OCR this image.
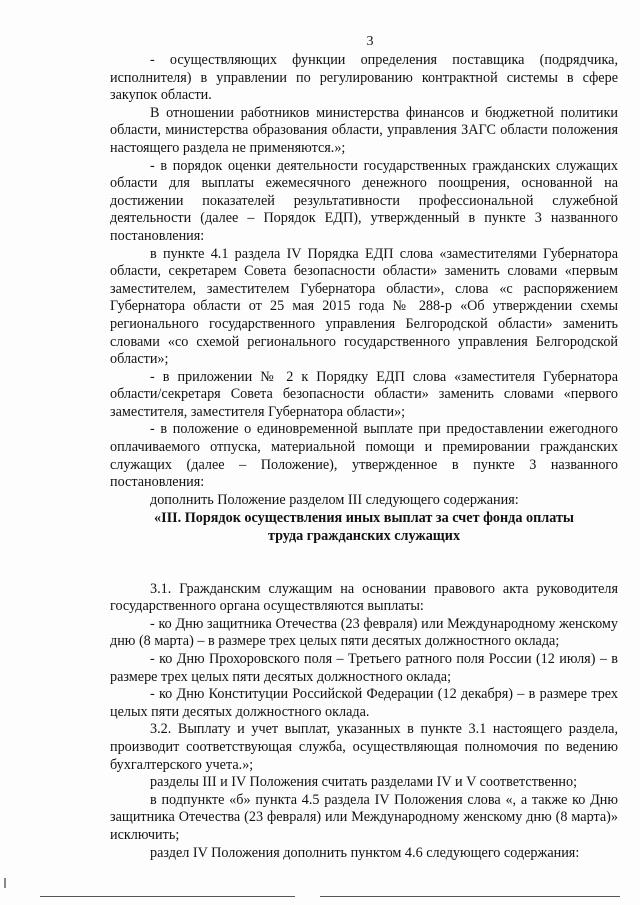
3

- осуществляющих функции определения поставщика (подрядчика, исполнителя) в управлении по регулированию контрактной системы в сфере закупок области.

В отношении работников министерства финансов и бюджетной политики области, министерства образования области, управления ЗАГС области положения настоящего раздела не применяются.»;

- в порядок оценки деятельности государственных гражданских служащих области для выплаты ежемесячного денежного поощрения, основанной на достижении показателей результативности профессиональной служебной деятельности (далее – Порядок ЕДП), утвержденный в пункте 3 названного постановления:

в пункте 4.1 раздела IV Порядка ЕДП слова «заместителями Губернатора области, секретарем Совета безопасности области» заменить словами «первым заместителем, заместителем Губернатора области», слова «с распоряжением Губернатора области от 25 мая 2015 года № 288-р «Об утверждении схемы регионального государственного управления Белгородской области» заменить словами «со схемой регионального государственного управления Белгородской области»;

- в приложении № 2 к Порядку ЕДП слова «заместителя Губернатора области/секретаря Совета безопасности области» заменить словами «первого заместителя, заместителя Губернатора области»;

- в положение о единовременной выплате при предоставлении ежегодного оплачиваемого отпуска, материальной помощи и премировании гражданских служащих (далее – Положение), утвержденное в пункте 3 названного постановления:

дополнить Положение разделом III следующего содержания:

«III. Порядок осуществления иных выплат за счет фонда оплаты труда гражданских служащих

3.1. Гражданским служащим на основании правового акта руководителя государственного органа осуществляются выплаты:

- ко Дню защитника Отечества (23 февраля) или Международному женскому дню (8 марта) – в размере трех целых пяти десятых должностного оклада;

- ко Дню Прохоровского поля – Третьего ратного поля России (12 июля) – в размере трех целых пяти десятых должностного оклада;

- ко Дню Конституции Российской Федерации (12 декабря) – в размере трех целых пяти десятых должностного оклада.

3.2. Выплату и учет выплат, указанных в пункте 3.1 настоящего раздела, производит соответствующая служба, осуществляющая полномочия по ведению бухгалтерского учета.»;

разделы III и IV Положения считать разделами IV и V соответственно;

в подпункте «б» пункта 4.5 раздела IV Положения слова «, а также ко Дню защитника Отечества (23 февраля) или Международному женскому дню (8 марта)» исключить;

раздел IV Положения дополнить пунктом 4.6 следующего содержания:
